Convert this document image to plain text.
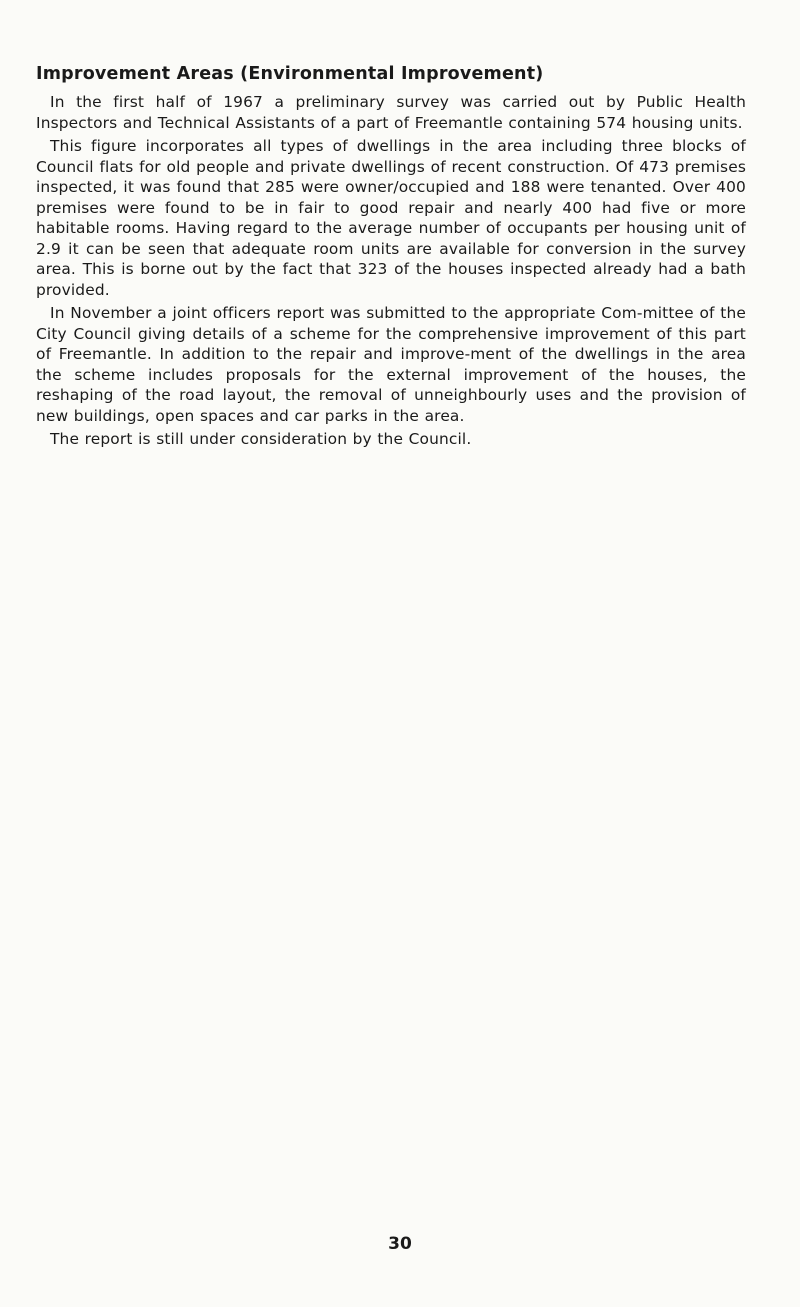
Improvement Areas (Environmental Improvement)

In the first half of 1967 a preliminary survey was carried out by Public Health Inspectors and Technical Assistants of a part of Freemantle containing 574 housing units.

This figure incorporates all types of dwellings in the area including three blocks of Council flats for old people and private dwellings of recent construction. Of 473 premises inspected, it was found that 285 were owner/occupied and 188 were tenanted. Over 400 premises were found to be in fair to good repair and nearly 400 had five or more habitable rooms. Having regard to the average number of occupants per housing unit of 2.9 it can be seen that adequate room units are available for conversion in the survey area. This is borne out by the fact that 323 of the houses inspected already had a bath provided.

In November a joint officers report was submitted to the appropriate Com-mittee of the City Council giving details of a scheme for the comprehensive improvement of this part of Freemantle. In addition to the repair and improve-ment of the dwellings in the area the scheme includes proposals for the external improvement of the houses, the reshaping of the road layout, the removal of unneighbourly uses and the provision of new buildings, open spaces and car parks in the area.

The report is still under consideration by the Council.

30
